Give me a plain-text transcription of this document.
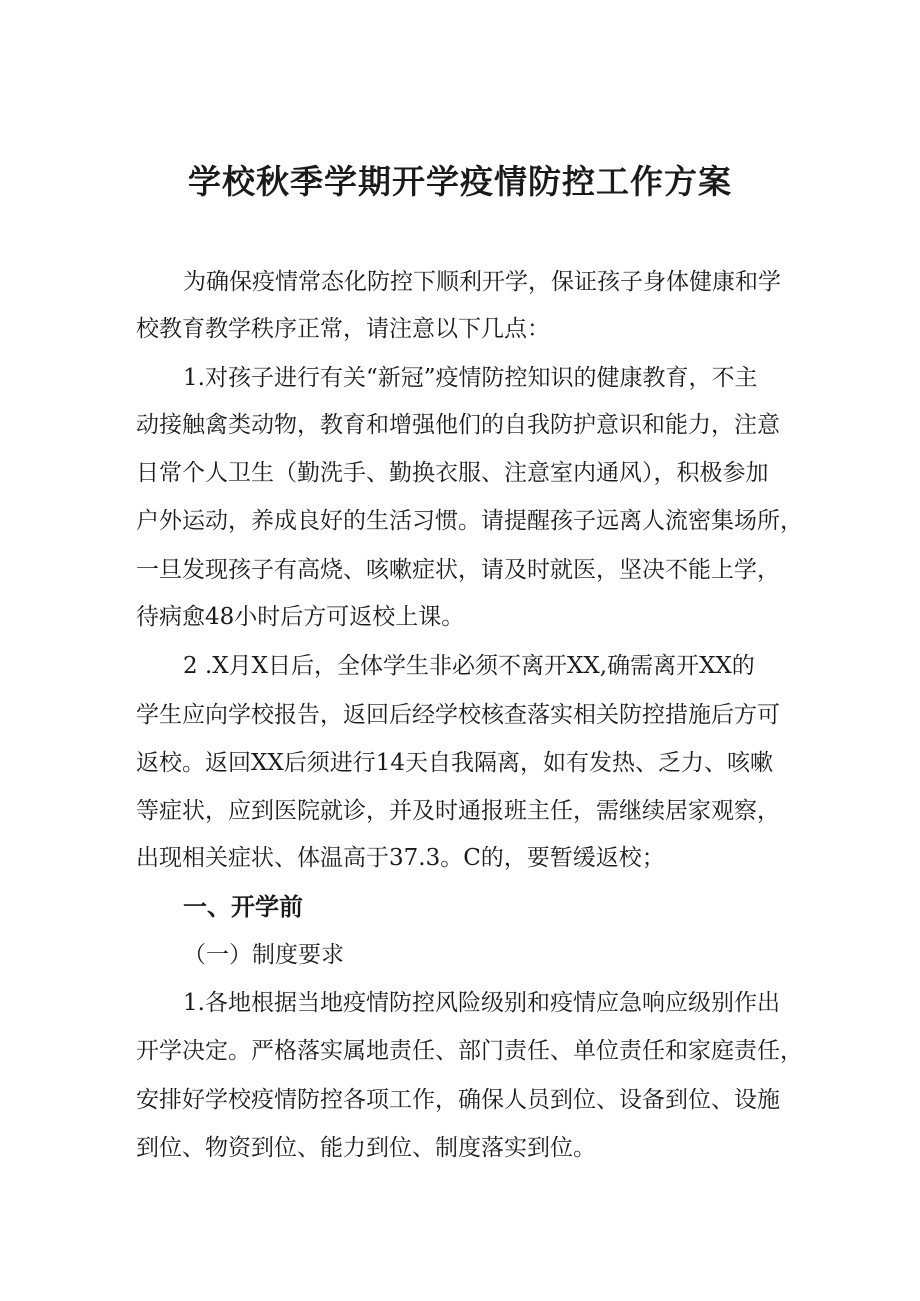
学校秋季学期开学疫情防控工作方案

为确保疫情常态化防控下顺利开学，保证孩子身体健康和学

校教育教学秩序正常，请注意以下几点：

1.对孩子进行有关“新冠”疫情防控知识的健康教育，不主

动接触禽类动物，教育和增强他们的自我防护意识和能力，注意

日常个人卫生（勤洗手、勤换衣服、注意室内通风），积极参加

户外运动，养成良好的生活习惯。请提醒孩子远离人流密集场所，

一旦发现孩子有高烧、咳嗽症状，请及时就医，坚决不能上学，

待病愈48小时后方可返校上课。

2 .X月X日后，全体学生非必须不离开XX,确需离开XX的

学生应向学校报告，返回后经学校核查落实相关防控措施后方可

返校。返回XX后须进行14天自我隔离，如有发热、乏力、咳嗽

等症状，应到医院就诊，并及时通报班主任，需继续居家观察，

出现相关症状、体温高于37.3。C的，要暂缓返校；

一、开学前

（一）制度要求

1.各地根据当地疫情防控风险级别和疫情应急响应级别作出

开学决定。严格落实属地责任、部门责任、单位责任和家庭责任，

安排好学校疫情防控各项工作，确保人员到位、设备到位、设施

到位、物资到位、能力到位、制度落实到位。
